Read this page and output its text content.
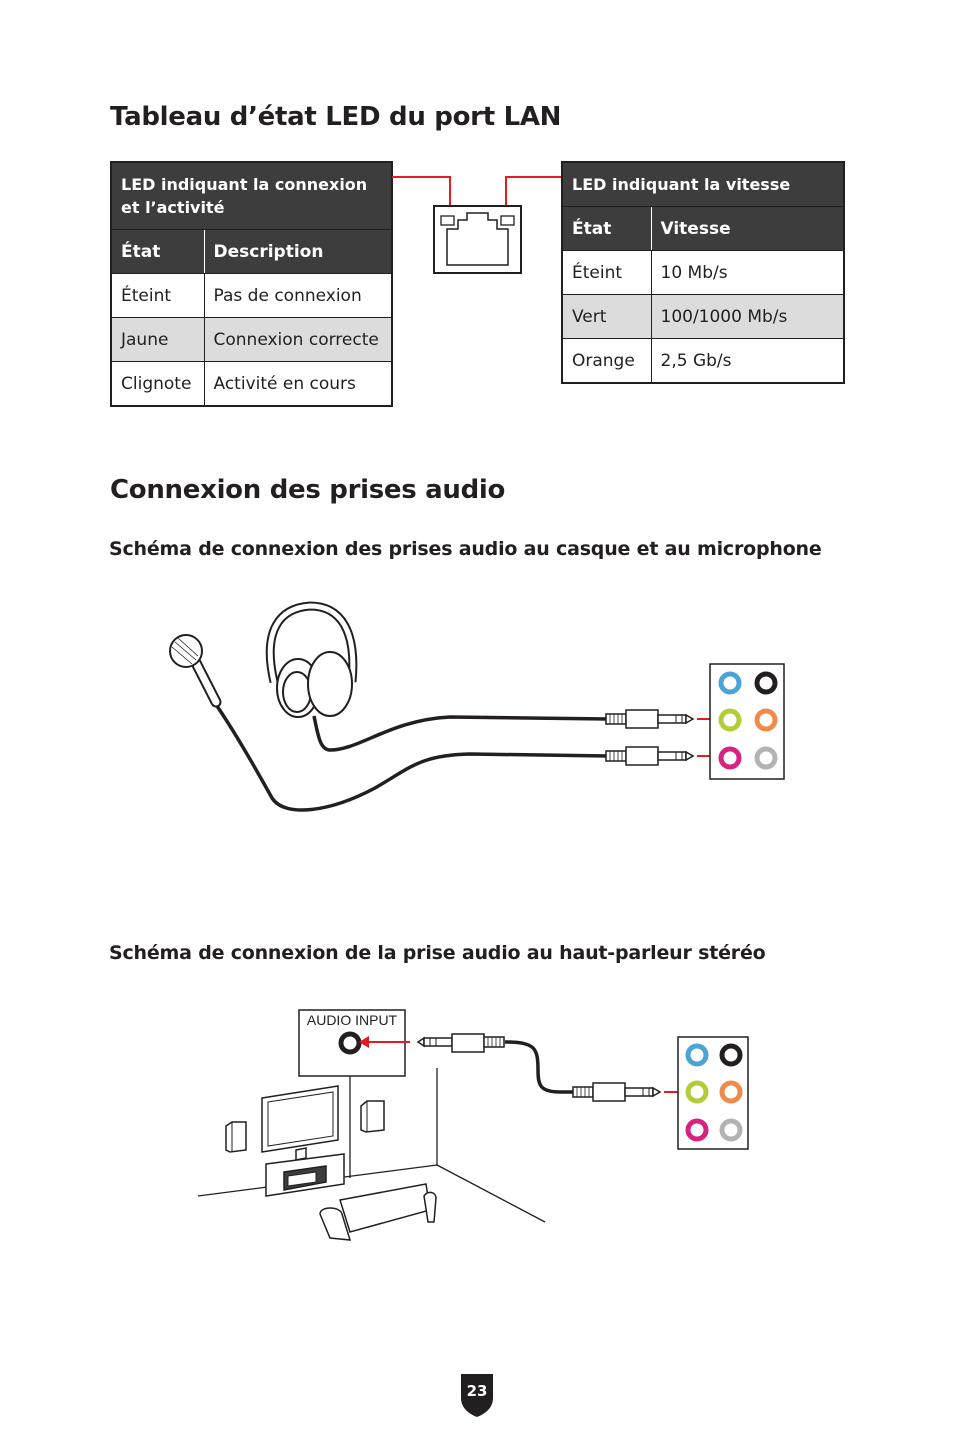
Tableau d’état LED du port LAN
LED indiquant la connexion et l’activité	
État	Description
Éteint	Pas de connexion
Jaune	Connexion correcte
Clignote	Activité en cours
LED indiquant la vitesse	
État	Vitesse
Éteint	10 Mb/s
Vert	100/1000 Mb/s
Orange	2,5 Gb/s
Connexion des prises audio
Schéma de connexion des prises audio au casque et au microphone
Schéma de connexion de la prise audio au haut-parleur stéréo
AUDIO INPUT
23
